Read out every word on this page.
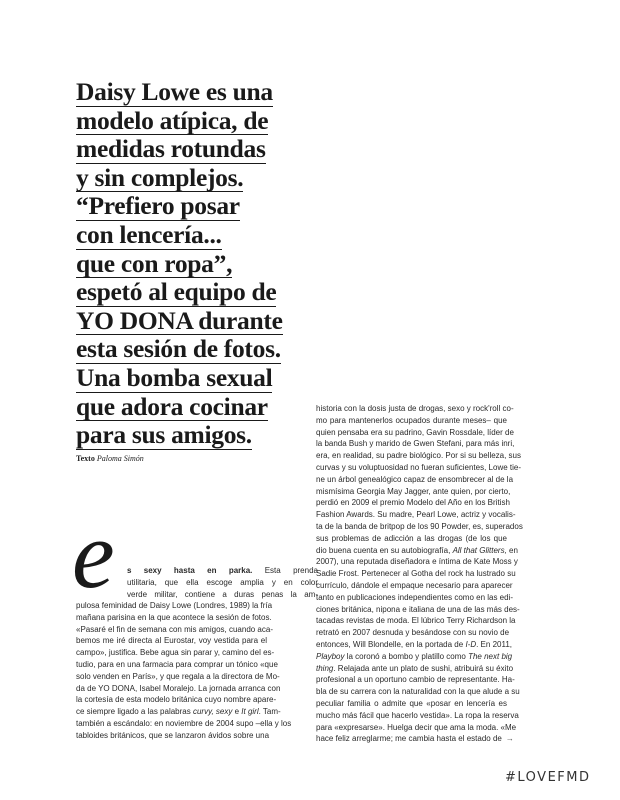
Daisy Lowe es una
modelo atípica, de
medidas rotundas
y sin complejos.
“Prefiero posar
con lencería...
que con ropa”,
espetó al equipo de
YO DONA durante
esta sesión de fotos.
Una bomba sexual
que adora cocinar
para sus amigos.
Texto Paloma Simón
e s sexy hasta en parka. Esta prenda
utilitaria, que ella escoge amplia y en color
verde militar, contiene a duras penas la am-
pulosa feminidad de Daisy Lowe (Londres, 1989) la fría
mañana parisina en la que acontece la sesión de fotos.
«Pasaré el fin de semana con mis amigos, cuando aca-
bemos me iré directa al Eurostar, voy vestida para el
campo», justifica. Bebe agua sin parar y, camino del es-
tudio, para en una farmacia para comprar un tónico «que
solo venden en París», y que regala a la directora de Mo-
da de YO DONA, Isabel Moralejo. La jornada arranca con
la cortesía de esta modelo británica cuyo nombre apare-
ce siempre ligado a las palabras curvy, sexy e It girl. Tam-
también a escándalo: en noviembre de 2004 supo –ella y los
tabloides británicos, que se lanzaron ávidos sobre una
historia con la dosis justa de drogas, sexo y rock'roll co-
mo para mantenerlos ocupados durante meses– que
quien pensaba era su padrino, Gavin Rossdale, líder de
la banda Bush y marido de Gwen Stefani, para más inri,
era, en realidad, su padre biológico. Por si su belleza, sus
curvas y su voluptuosidad no fueran suficientes, Lowe tie-
ne un árbol genealógico capaz de ensombrecer al de la
mismísima Georgia May Jagger, ante quien, por cierto,
perdió en 2009 el premio Modelo del Año en los British
Fashion Awards. Su madre, Pearl Lowe, actriz y vocalis-
ta de la banda de britpop de los 90 Powder, es, superados
sus problemas de adicción a las drogas (de los que
dio buena cuenta en su autobiografía, All that Glitters, en
2007), una reputada diseñadora e íntima de Kate Moss y
Sadie Frost. Pertenecer al Gotha del rock ha lustrado su
currículo, dándole el empaque necesario para aparecer
tanto en publicaciones independientes como en las edi-
ciones británica, nipona e italiana de una de las más des-
tacadas revistas de moda. El lúbrico Terry Richardson la
retrató en 2007 desnuda y besándose con su novio de
entonces, Will Blondelle, en la portada de I-D. En 2011,
Playboy la coronó a bombo y platillo como The next big
thing. Relajada ante un plato de sushi, atribuirá su éxito
profesional a un oportuno cambio de representante. Ha-
bla de su carrera con la naturalidad con la que alude a su
peculiar familia o admite que «posar en lencería es
mucho más fácil que hacerlo vestida». La ropa la reserva
para «expresarse». Huelga decir que ama la moda. «Me
hace feliz arreglarme; me cambia hasta el estado de →
#LOVEFMD
